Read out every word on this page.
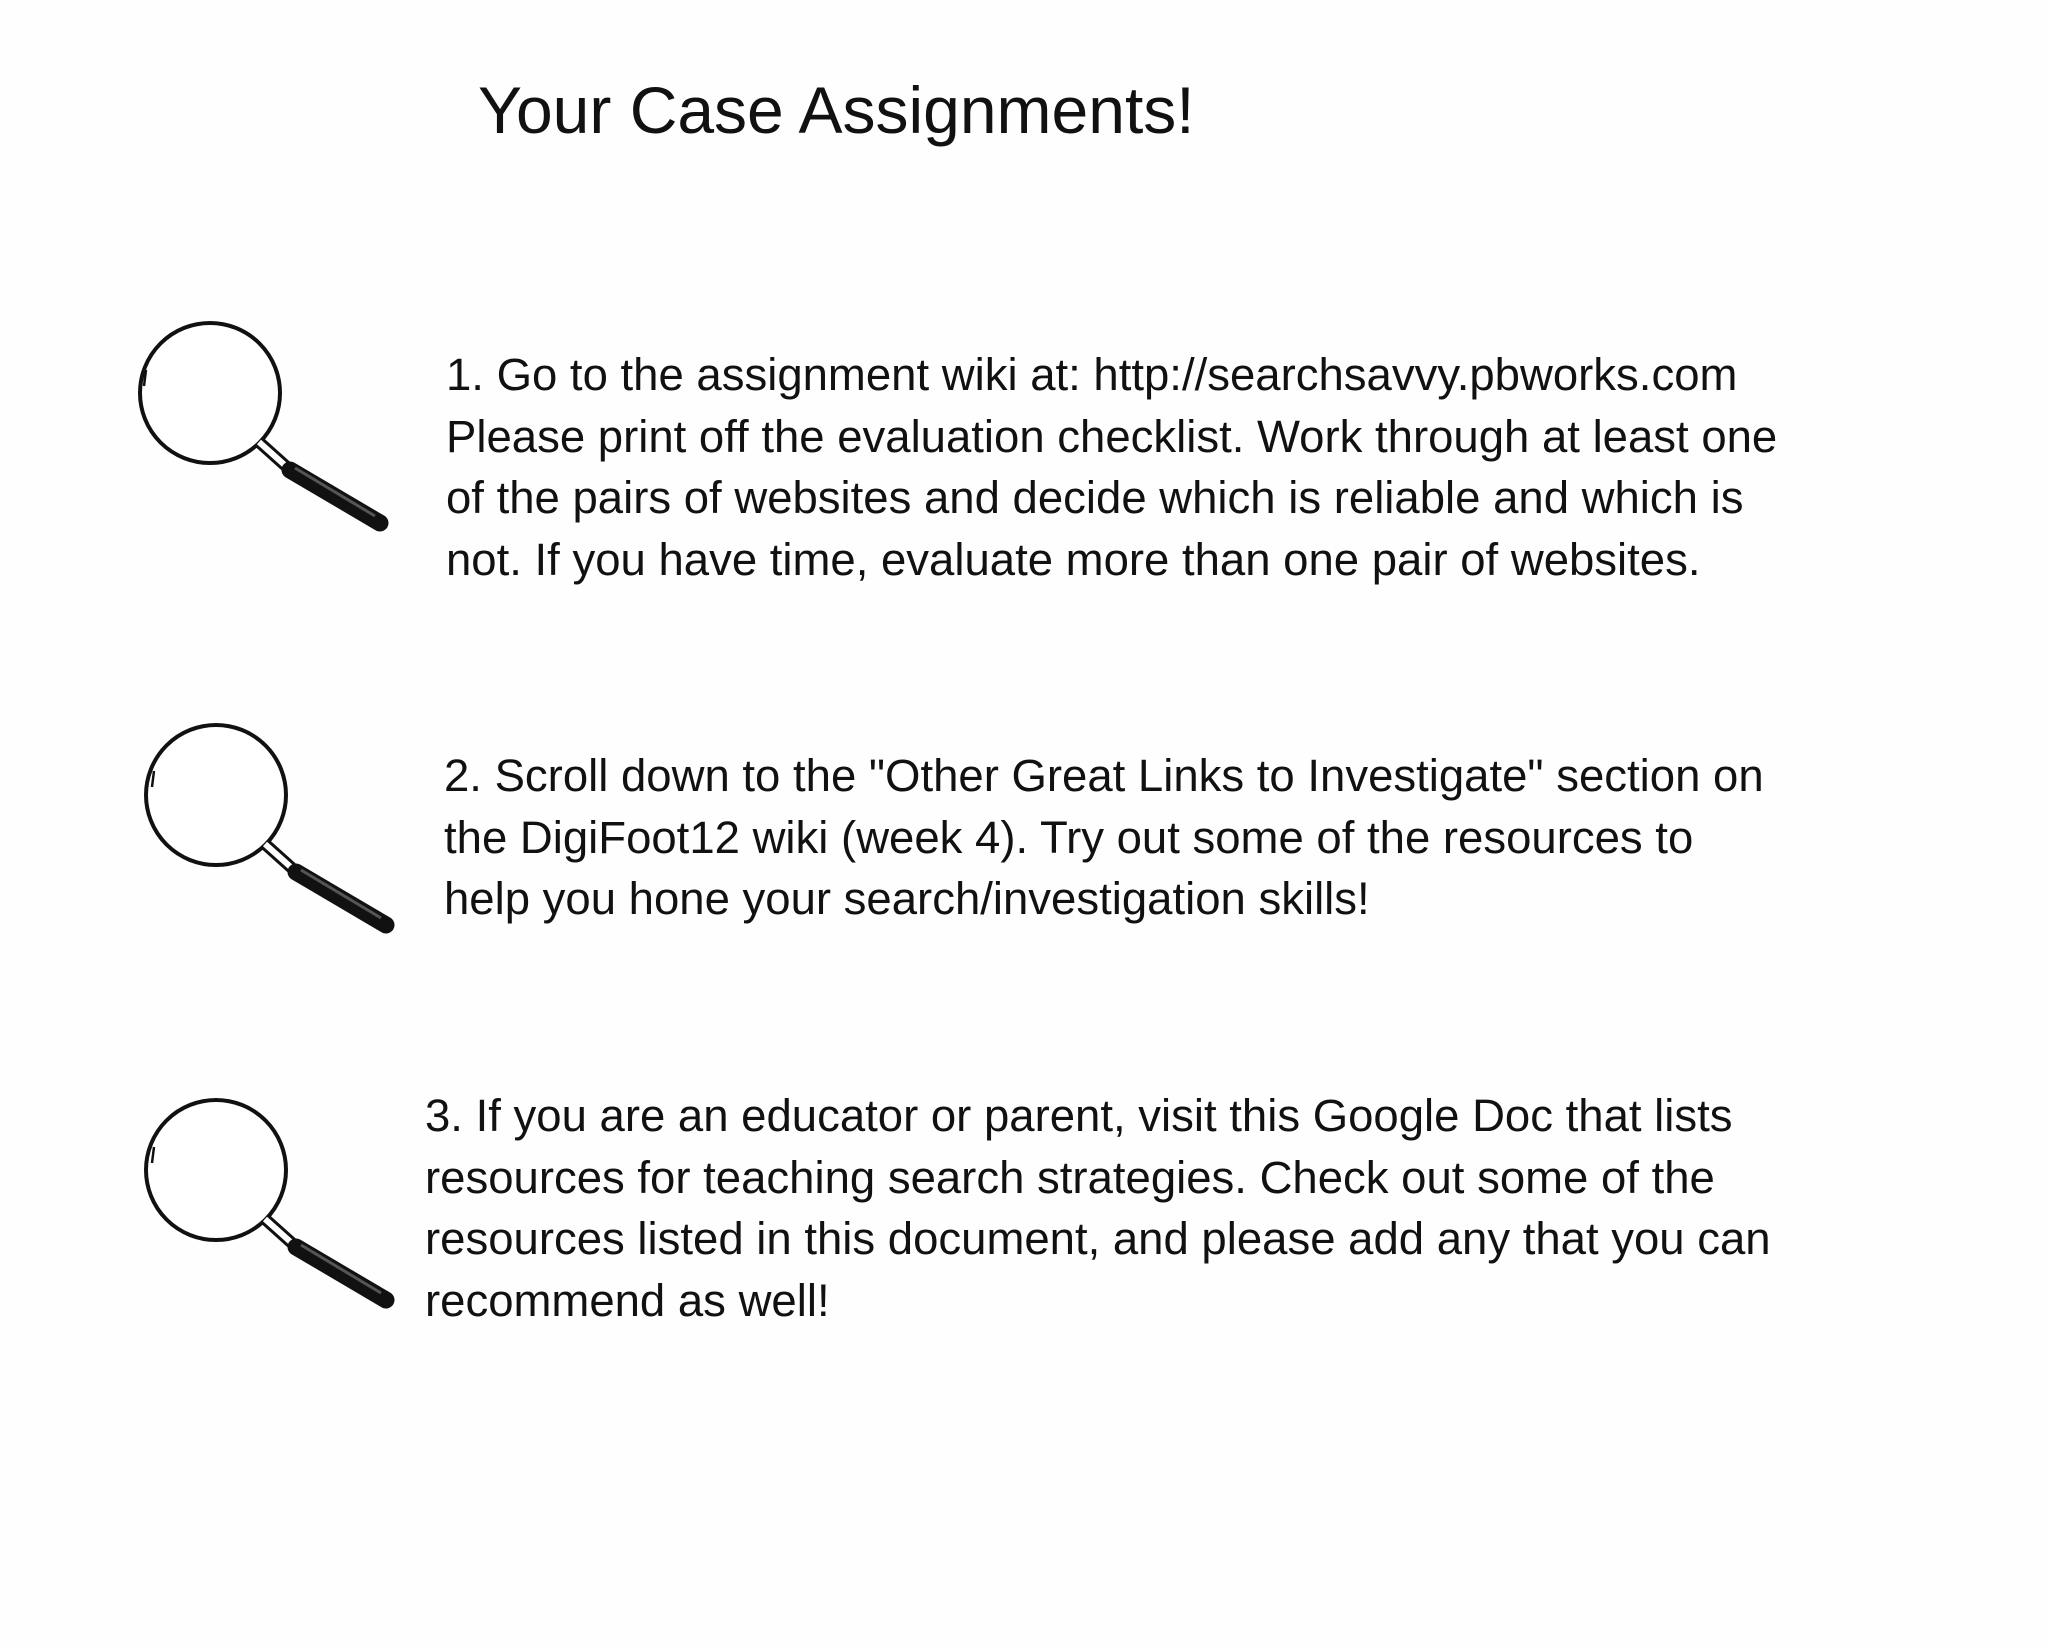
Your Case Assignments!

1. Go to the assignment wiki at: http://searchsavvy.pbworks.com
Please print off the evaluation checklist. Work through at least one
of the pairs of websites and decide which is reliable and which is
not. If you have time, evaluate more than one pair of websites.

2. Scroll down to the "Other Great Links to Investigate" section on
the DigiFoot12 wiki (week 4). Try out some of the resources to
help you hone your search/investigation skills!

3. If you are an educator or parent, visit this Google Doc that lists
resources for teaching search strategies. Check out some of the
resources listed in this document, and please add any that you can
recommend as well!
